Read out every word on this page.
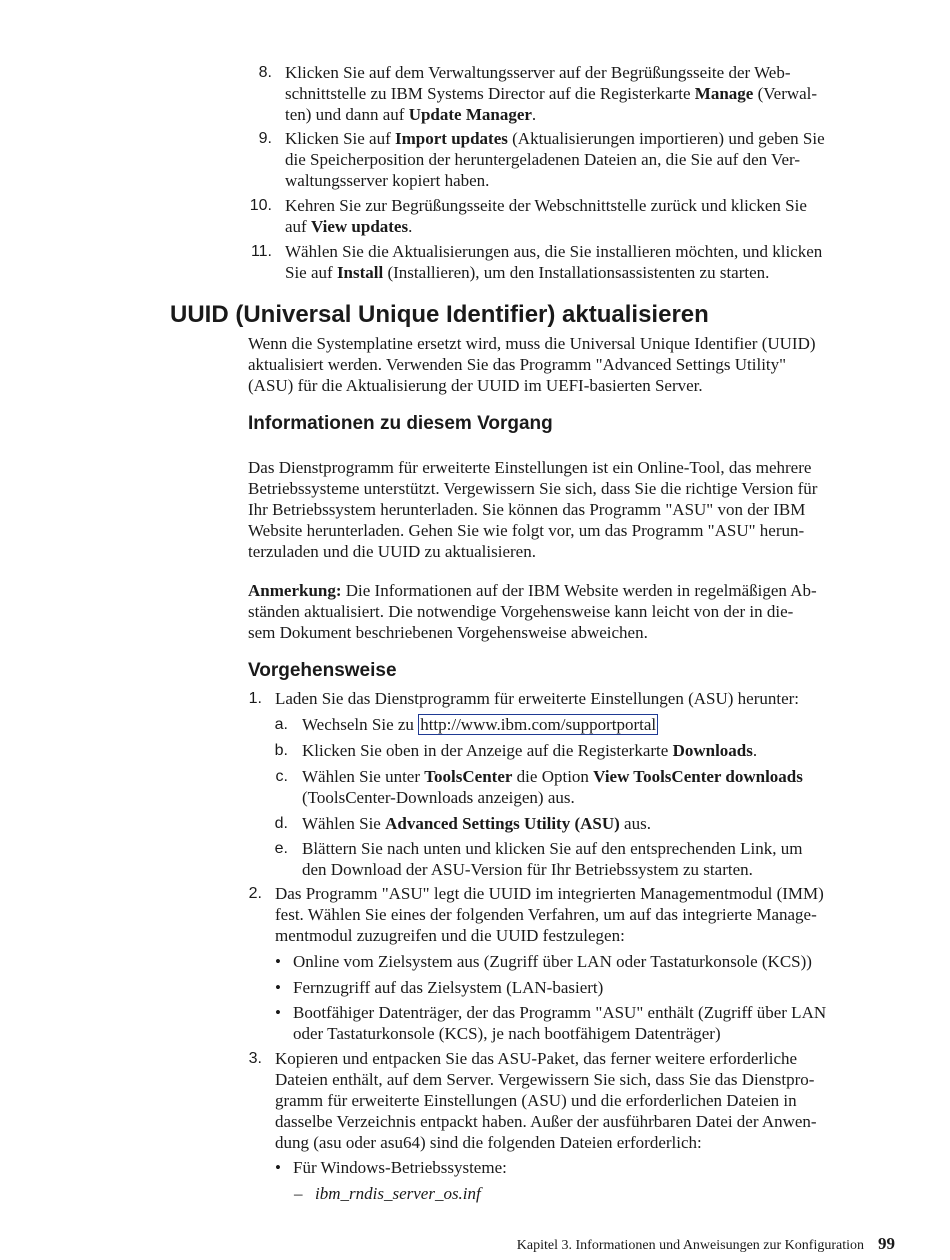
8. Klicken Sie auf dem Verwaltungsserver auf der Begrüßungsseite der Web-
schnittstelle zu IBM Systems Director auf die Registerkarte Manage (Verwal-
ten) und dann auf Update Manager.
9. Klicken Sie auf Import updates (Aktualisierungen importieren) und geben Sie
die Speicherposition der heruntergeladenen Dateien an, die Sie auf den Ver-
waltungsserver kopiert haben.
10. Kehren Sie zur Begrüßungsseite der Webschnittstelle zurück und klicken Sie
auf View updates.
11. Wählen Sie die Aktualisierungen aus, die Sie installieren möchten, und klicken
Sie auf Install (Installieren), um den Installationsassistenten zu starten.
UUID (Universal Unique Identifier) aktualisieren
Wenn die Systemplatine ersetzt wird, muss die Universal Unique Identifier (UUID)
aktualisiert werden. Verwenden Sie das Programm "Advanced Settings Utility"
(ASU) für die Aktualisierung der UUID im UEFI-basierten Server.
Informationen zu diesem Vorgang
Das Dienstprogramm für erweiterte Einstellungen ist ein Online-Tool, das mehrere
Betriebssysteme unterstützt. Vergewissern Sie sich, dass Sie die richtige Version für
Ihr Betriebssystem herunterladen. Sie können das Programm "ASU" von der IBM
Website herunterladen. Gehen Sie wie folgt vor, um das Programm "ASU" herun-
terzuladen und die UUID zu aktualisieren.
Anmerkung: Die Informationen auf der IBM Website werden in regelmäßigen Ab-
ständen aktualisiert. Die notwendige Vorgehensweise kann leicht von der in die-
sem Dokument beschriebenen Vorgehensweise abweichen.
Vorgehensweise
1. Laden Sie das Dienstprogramm für erweiterte Einstellungen (ASU) herunter:
a. Wechseln Sie zu http://www.ibm.com/supportportal
b. Klicken Sie oben in der Anzeige auf die Registerkarte Downloads.
c. Wählen Sie unter ToolsCenter die Option View ToolsCenter downloads
(ToolsCenter-Downloads anzeigen) aus.
d. Wählen Sie Advanced Settings Utility (ASU) aus.
e. Blättern Sie nach unten und klicken Sie auf den entsprechenden Link, um
den Download der ASU-Version für Ihr Betriebssystem zu starten.
2. Das Programm "ASU" legt die UUID im integrierten Managementmodul (IMM)
fest. Wählen Sie eines der folgenden Verfahren, um auf das integrierte Manage-
mentmodul zuzugreifen und die UUID festzulegen:
• Online vom Zielsystem aus (Zugriff über LAN oder Tastaturkonsole (KCS))
• Fernzugriff auf das Zielsystem (LAN-basiert)
• Bootfähiger Datenträger, der das Programm "ASU" enthält (Zugriff über LAN
oder Tastaturkonsole (KCS), je nach bootfähigem Datenträger)
3. Kopieren und entpacken Sie das ASU-Paket, das ferner weitere erforderliche
Dateien enthält, auf dem Server. Vergewissern Sie sich, dass Sie das Dienstpro-
gramm für erweiterte Einstellungen (ASU) und die erforderlichen Dateien in
dasselbe Verzeichnis entpackt haben. Außer der ausführbaren Datei der Anwen-
dung (asu oder asu64) sind die folgenden Dateien erforderlich:
• Für Windows-Betriebssysteme:
– ibm_rndis_server_os.inf
Kapitel 3. Informationen und Anweisungen zur Konfiguration 99
